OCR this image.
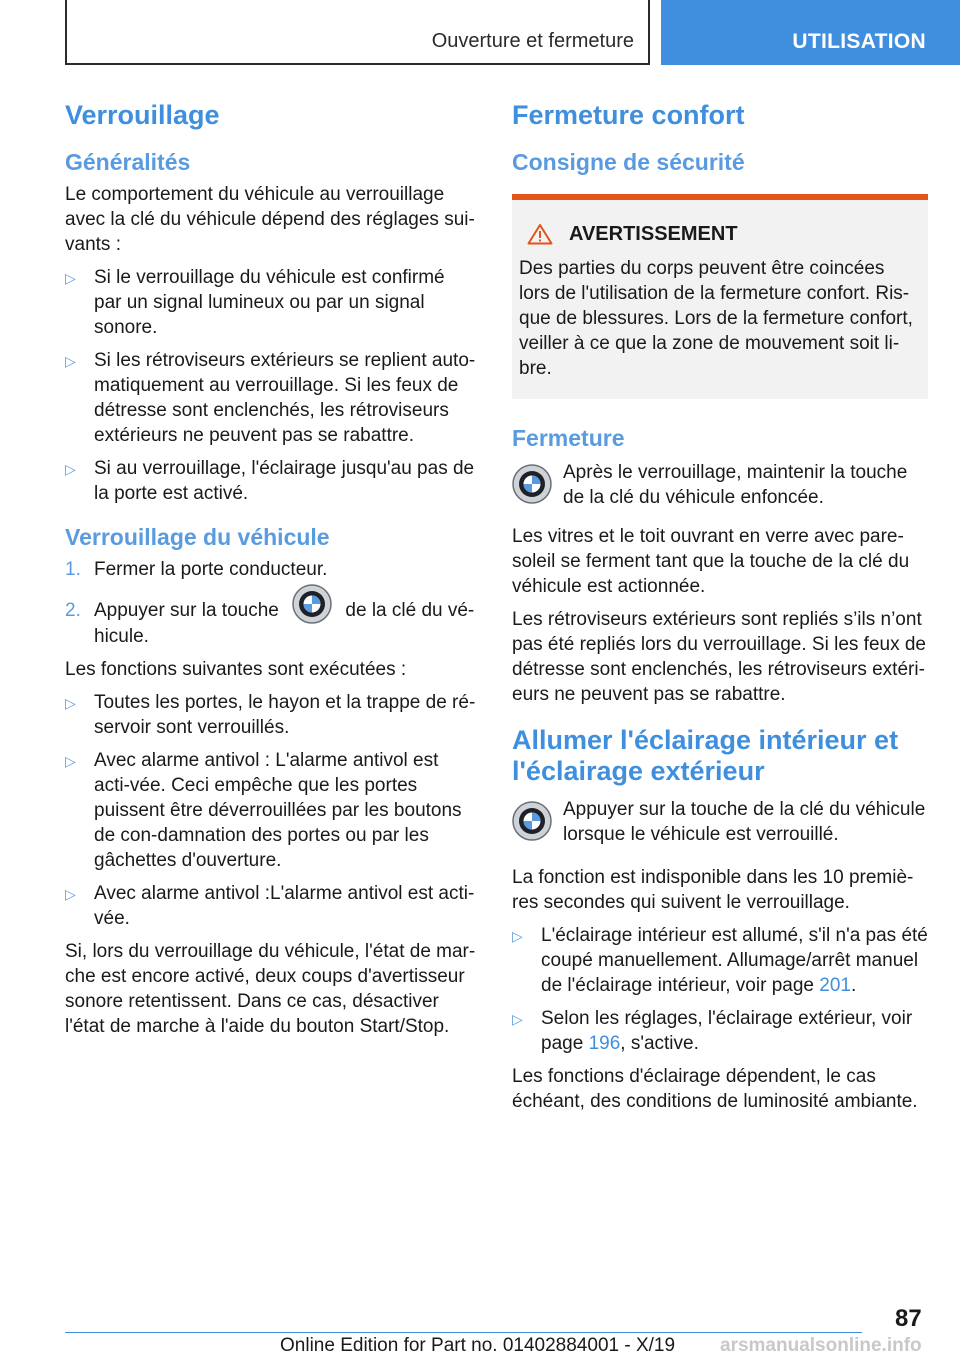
Ouverture et fermeture	UTILISATION
Verrouillage
Généralités

Le comportement du véhicule au verrouillage avec la clé du véhicule dépend des réglages sui‐vants :

▷ Si le verrouillage du véhicule est confirmé par un signal lumineux ou par un signal sonore.
▷ Si les rétroviseurs extérieurs se replient auto‐matiquement au verrouillage. Si les feux de détresse sont enclenchés, les rétroviseurs extérieurs ne peuvent pas se rabattre.
▷ Si au verrouillage, l'éclairage jusqu'au pas de la porte est activé.
Verrouillage du véhicule
1. Fermer la porte conducteur.
2. Appuyer sur la touche	de la clé du vé‐hicule.

Les fonctions suivantes sont exécutées :

▷ Toutes les portes, le hayon et la trappe de ré‐servoir sont verrouillés.
▷ Avec alarme antivol : L'alarme antivol est acti‐vée. Ceci empêche que les portes puissent être déverrouillées par les boutons de con‐damnation des portes ou par les gâchettes d'ouverture.
▷ Avec alarme antivol :L'alarme antivol est acti‐vée.

Si, lors du verrouillage du véhicule, l'état de mar‐che est encore activé, deux coups d'avertisseur sonore retentissent. Dans ce cas, désactiver l'état de marche à l'aide du bouton Start/Stop.

Fermeture confort
Consigne de sécurité
AVERTISSEMENT
Des parties du corps peuvent être coincées lors de l'utilisation de la fermeture confort. Ris‐que de blessures. Lors de la fermeture confort, veiller à ce que la zone de mouvement soit li‐bre.
Fermeture
Après le verrouillage, maintenir la touche de la clé du véhicule enfoncée.

Les vitres et le toit ouvrant en verre avec pare-soleil se ferment tant que la touche de la clé du véhicule est actionnée.

Les rétroviseurs extérieurs sont repliés s’ils n’ont pas été repliés lors du verrouillage. Si les feux de détresse sont enclenchés, les rétroviseurs extéri‐eurs ne peuvent pas se rabattre.

Allumer l'éclairage intérieur et l'éclairage extérieur
Appuyer sur la touche de la clé du véhicule lorsque le véhicule est verrouillé.

La fonction est indisponible dans les 10 premiè‐res secondes qui suivent le verrouillage.

▷ L'éclairage intérieur est allumé, s'il n'a pas été coupé manuellement. Allumage/arrêt manuel de l'éclairage intérieur, voir page 201.
▷ Selon les réglages, l'éclairage extérieur, voir page 196, s'active.

Les fonctions d'éclairage dépendent, le cas échéant, des conditions de luminosité ambiante.

87
Online Edition for Part no. 01402884001 - X/19 arsmanualsonline.info
